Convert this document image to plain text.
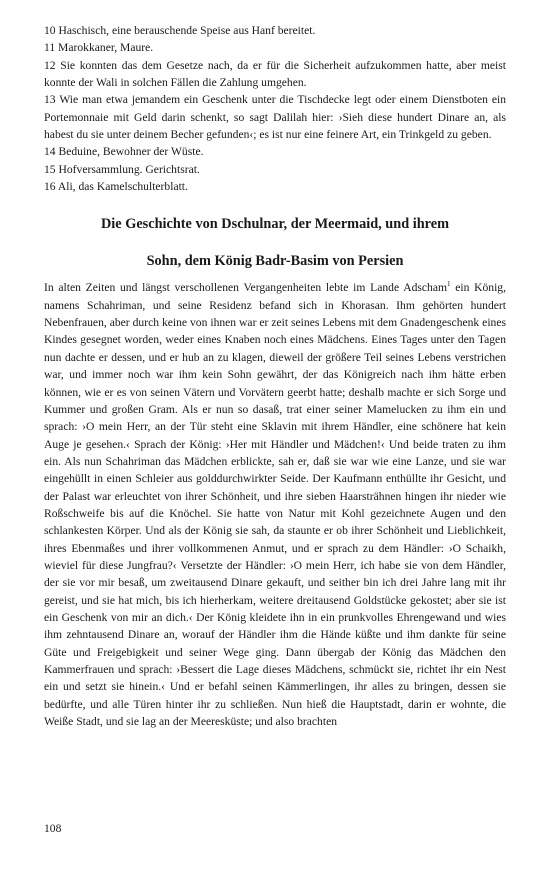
10 Haschisch, eine berauschende Speise aus Hanf bereitet.

11 Marokkaner, Maure.

12 Sie konnten das dem Gesetze nach, da er für die Sicherheit aufzukommen hatte, aber meist konnte der Wali in solchen Fällen die Zahlung umgehen.

13 Wie man etwa jemandem ein Geschenk unter die Tischdecke legt oder einem Dienstboten ein Portemonnaie mit Geld darin schenkt, so sagt Dalilah hier: ›Sieh diese hundert Dinare an, als habest du sie unter deinem Becher gefunden‹; es ist nur eine feinere Art, ein Trinkgeld zu geben.

14 Beduine, Bewohner der Wüste.

15 Hofversammlung. Gerichtsrat.

16 Ali, das Kamelschulterblatt.

Die Geschichte von Dschulnar, der Meermaid, und ihrem
Sohn, dem König Badr-Basim von Persien

In alten Zeiten und längst verschollenen Vergangenheiten lebte im Lande Adscham$^1$ ein König, namens Schahriman, und seine Residenz befand sich in Khorasan. Ihm gehörten hundert Nebenfrauen, aber durch keine von ihnen war er zeit seines Lebens mit dem Gnadengeschenk eines Kindes gesegnet worden, weder eines Knaben noch eines Mädchens. Eines Tages unter den Tagen nun dachte er dessen, und er hub an zu klagen, dieweil der größere Teil seines Lebens verstrichen war, und immer noch war ihm kein Sohn gewährt, der das Königreich nach ihm hätte erben können, wie er es von seinen Vätern und Vorvätern geerbt hatte; deshalb machte er sich Sorge und Kummer und großen Gram. Als er nun so dasaß, trat einer seiner Mamelucken zu ihm ein und sprach: ›O mein Herr, an der Tür steht eine Sklavin mit ihrem Händler, eine schönere hat kein Auge je gesehen.‹ Sprach der König: ›Her mit Händler und Mädchen!‹ Und beide traten zu ihm ein. Als nun Schahriman das Mädchen erblickte, sah er, daß sie war wie eine Lanze, und sie war eingehüllt in einen Schleier aus golddurchwirkter Seide. Der Kaufmann enthüllte ihr Gesicht, und der Palast war erleuchtet von ihrer Schönheit, und ihre sieben Haarsträhnen hingen ihr nieder wie Roßschweife bis auf die Knöchel. Sie hatte von Natur mit Kohl gezeichnete Augen und den schlankesten Körper. Und als der König sie sah, da staunte er ob ihrer Schönheit und Lieblichkeit, ihres Ebenmaßes und ihrer vollkommenen Anmut, und er sprach zu dem Händler: ›O Schaikh, wieviel für diese Jungfrau?‹ Versetzte der Händler: ›O mein Herr, ich habe sie von dem Händler, der sie vor mir besaß, um zweitausend Dinare gekauft, und seither bin ich drei Jahre lang mit ihr gereist, und sie hat mich, bis ich hierherkam, weitere dreitausend Goldstücke gekostet; aber sie ist ein Geschenk von mir an dich.‹ Der König kleidete ihn in ein prunkvolles Ehrengewand und wies ihm zehntausend Dinare an, worauf der Händler ihm die Hände küßte und ihm dankte für seine Güte und Freigebigkeit und seiner Wege ging. Dann übergab der König das Mädchen den Kammerfrauen und sprach: ›Bessert die Lage dieses Mädchens, schmückt sie, richtet ihr ein Nest ein und setzt sie hinein.‹ Und er befahl seinen Kämmerlingen, ihr alles zu bringen, dessen sie bedürfte, und alle Türen hinter ihr zu schließen. Nun hieß die Hauptstadt, darin er wohnte, die Weiße Stadt, und sie lag an der Meeresküste; und also brachten

108
